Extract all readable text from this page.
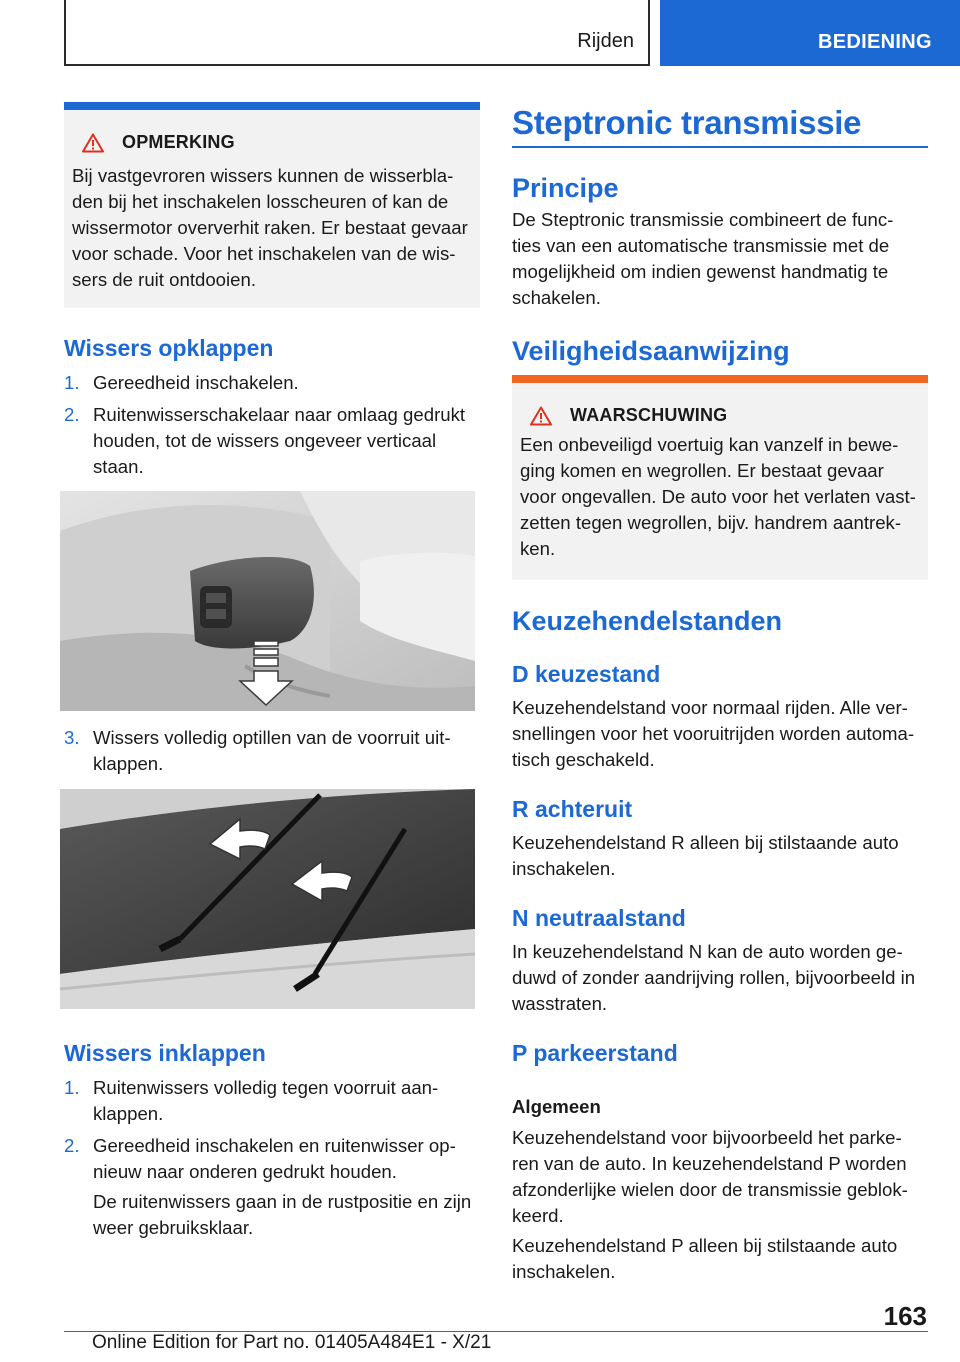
Rijden	BEDIENING
OPMERKING
Bij vastgevroren wissers kunnen de wisserbla-
den bij het inschakelen losscheuren of kan de
wissermotor oververhit raken. Er bestaat gevaar
voor schade. Voor het inschakelen van de wis-
sers de ruit ontdooien.
Wissers opklappen
1. Gereedheid inschakelen.
2. Ruitenwisserschakelaar naar omlaag gedrukt
houden, tot de wissers ongeveer verticaal
staan.
3. Wissers volledig optillen van de voorruit uit-
klappen.
Wissers inklappen
1. Ruitenwissers volledig tegen voorruit aan-
klappen.
2. Gereedheid inschakelen en ruitenwisser op-
nieuw naar onderen gedrukt houden.
De ruitenwissers gaan in de rustpositie en zijn
weer gebruiksklaar.
Steptronic transmissie
Principe
De Steptronic transmissie combineert de func-
ties van een automatische transmissie met de
mogelijkheid om indien gewenst handmatig te
schakelen.
Veiligheidsaanwijzing
WAARSCHUWING
Een onbeveiligd voertuig kan vanzelf in bewe-
ging komen en wegrollen. Er bestaat gevaar
voor ongevallen. De auto voor het verlaten vast-
zetten tegen wegrollen, bijv. handrem aantrek-
ken.
Keuzehendelstanden
D keuzestand
Keuzehendelstand voor normaal rijden. Alle ver-
snellingen voor het vooruitrijden worden automa-
tisch geschakeld.
R achteruit
Keuzehendelstand R alleen bij stilstaande auto
inschakelen.
N neutraalstand
In keuzehendelstand N kan de auto worden ge-
duwd of zonder aandrijving rollen, bijvoorbeeld in
wasstraten.
P parkeerstand
Algemeen
Keuzehendelstand voor bijvoorbeeld het parke-
ren van de auto. In keuzehendelstand P worden
afzonderlijke wielen door de transmissie geblok-
keerd.
Keuzehendelstand P alleen bij stilstaande auto
inschakelen.
163
Online Edition for Part no. 01405A484E1 - X/21
